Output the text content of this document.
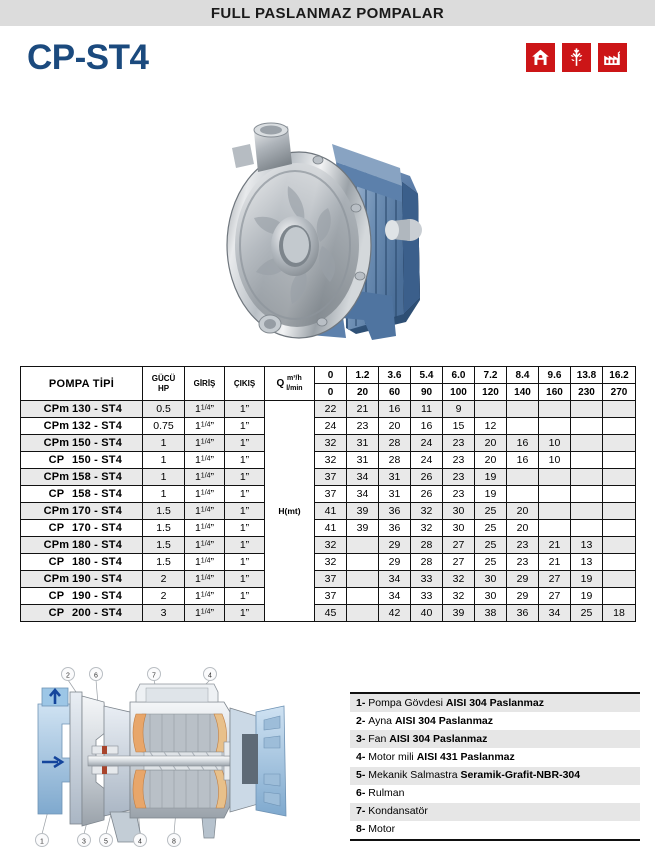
FULL PASLANMAZ POMPALAR
CP-ST4
POMPA TİPİ	GÜCÜ
HP
	GİRİŞ	ÇIKIŞ	Q m³/h
l/min
	0	1.2	3.6	5.4	6.0	7.2	8.4	9.6	13.8	16.2
					0	20	60	90	100	120	140	160	230	270
CPm 130 - ST4	0.5	$1^{1/4}$”	1”	H(mt)	22	21	16	11	9					
CPm 132 - ST4	0.75	$1^{1/4}$”	1”		24	23	20	16	15	12				
CPm 150 - ST4	1	$1^{1/4}$”	1”		32	31	28	24	23	20	16	10		
CP 150 - ST4	1	$1^{1/4}$”	1”		32	31	28	24	23	20	16	10		
CPm 158 - ST4	1	$1^{1/4}$”	1”		37	34	31	26	23	19				
CP 158 - ST4	1	$1^{1/4}$”	1”		37	34	31	26	23	19				
CPm 170 - ST4	1.5	$1^{1/4}$”	1”		41	39	36	32	30	25	20			
CP 170 - ST4	1.5	$1^{1/4}$”	1”		41	39	36	32	30	25	20			
CPm 180 - ST4	1.5	$1^{1/4}$”	1”		32		29	28	27	25	23	21	13	
CP 180 - ST4	1.5	$1^{1/4}$”	1”		32		29	28	27	25	23	21	13	
CPm 190 - ST4	2	$1^{1/4}$”	1”		37		34	33	32	30	29	27	19	
CP 190 - ST4	2	$1^{1/4}$”	1”		37		34	33	32	30	29	27	19	
CP 200 - ST4	3	$1^{1/4}$”	1”		45		42	40	39	38	36	34	25	18
2	6	7	4
1	3	5	4	8
1- Pompa Gövdesi AISI 304 Paslanmaz
2- Ayna AISI 304 Paslanmaz
3- Fan AISI 304 Paslanmaz
4- Motor mili AISI 431 Paslanmaz
5- Mekanik Salmastra Seramik-Grafit-NBR-304
6- Rulman
7- Kondansatör
8- Motor
